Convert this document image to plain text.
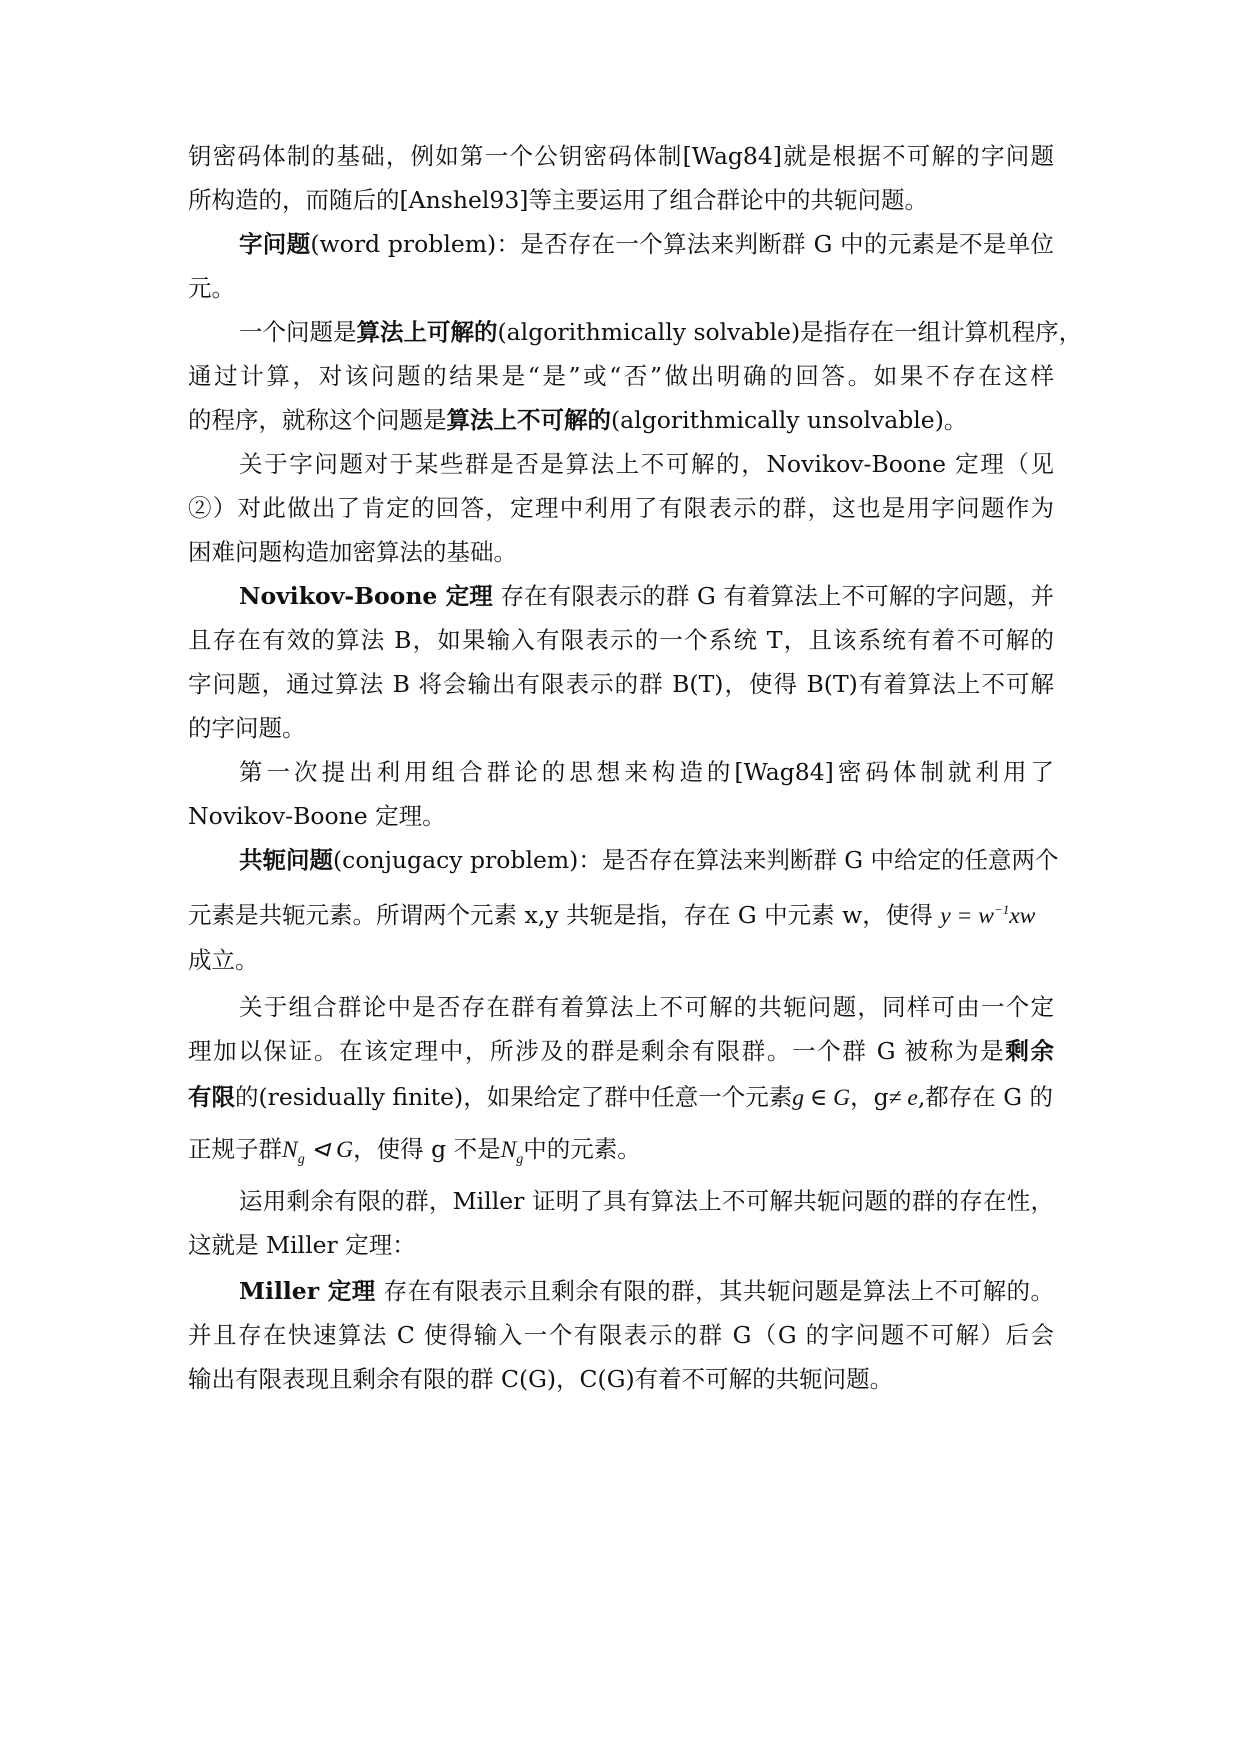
钥密码体制的基础，例如第一个公钥密码体制[Wag84]就是根据不可解的字问题
所构造的，而随后的[Anshel93]等主要运用了组合群论中的共轭问题。
字问题(word problem)：是否存在一个算法来判断群 G 中的元素是不是单位
元。
一个问题是算法上可解的(algorithmically solvable)是指存在一组计算机程序，
通过计算，对该问题的结果是“是”或“否”做出明确的回答。如果不存在这样
的程序，就称这个问题是算法上不可解的(algorithmically unsolvable)。
关于字问题对于某些群是否是算法上不可解的，Novikov-Boone 定理（见
②）对此做出了肯定的回答，定理中利用了有限表示的群，这也是用字问题作为
困难问题构造加密算法的基础。
Novikov-Boone 定理 存在有限表示的群 G 有着算法上不可解的字问题，并
且存在有效的算法 B，如果输入有限表示的一个系统 T，且该系统有着不可解的
字问题，通过算法 B 将会输出有限表示的群 B(T)，使得 B(T)有着算法上不可解
的字问题。
第一次提出利用组合群论的思想来构造的[Wag84]密码体制就利用了
Novikov-Boone 定理。
共轭问题(conjugacy problem)：是否存在算法来判断群 G 中给定的任意两个
元素是共轭元素。所谓两个元素 x,y 共轭是指，存在 G 中元素 w，使得 $y = w^{-1}xw$
成立。
关于组合群论中是否存在群有着算法上不可解的共轭问题，同样可由一个定
理加以保证。在该定理中，所涉及的群是剩余有限群。一个群 G 被称为是剩余
有限的(residually finite)，如果给定了群中任意一个元素g ∈ G，g≠ e,都存在 G 的
正规子群$N_g$ ⊲ G，使得 g 不是$N_g$中的元素。
运用剩余有限的群，Miller 证明了具有算法上不可解共轭问题的群的存在性，
这就是 Miller 定理：
Miller 定理 存在有限表示且剩余有限的群，其共轭问题是算法上不可解的。
并且存在快速算法 C 使得输入一个有限表示的群 G（G 的字问题不可解）后会
输出有限表现且剩余有限的群 C(G)，C(G)有着不可解的共轭问题。
